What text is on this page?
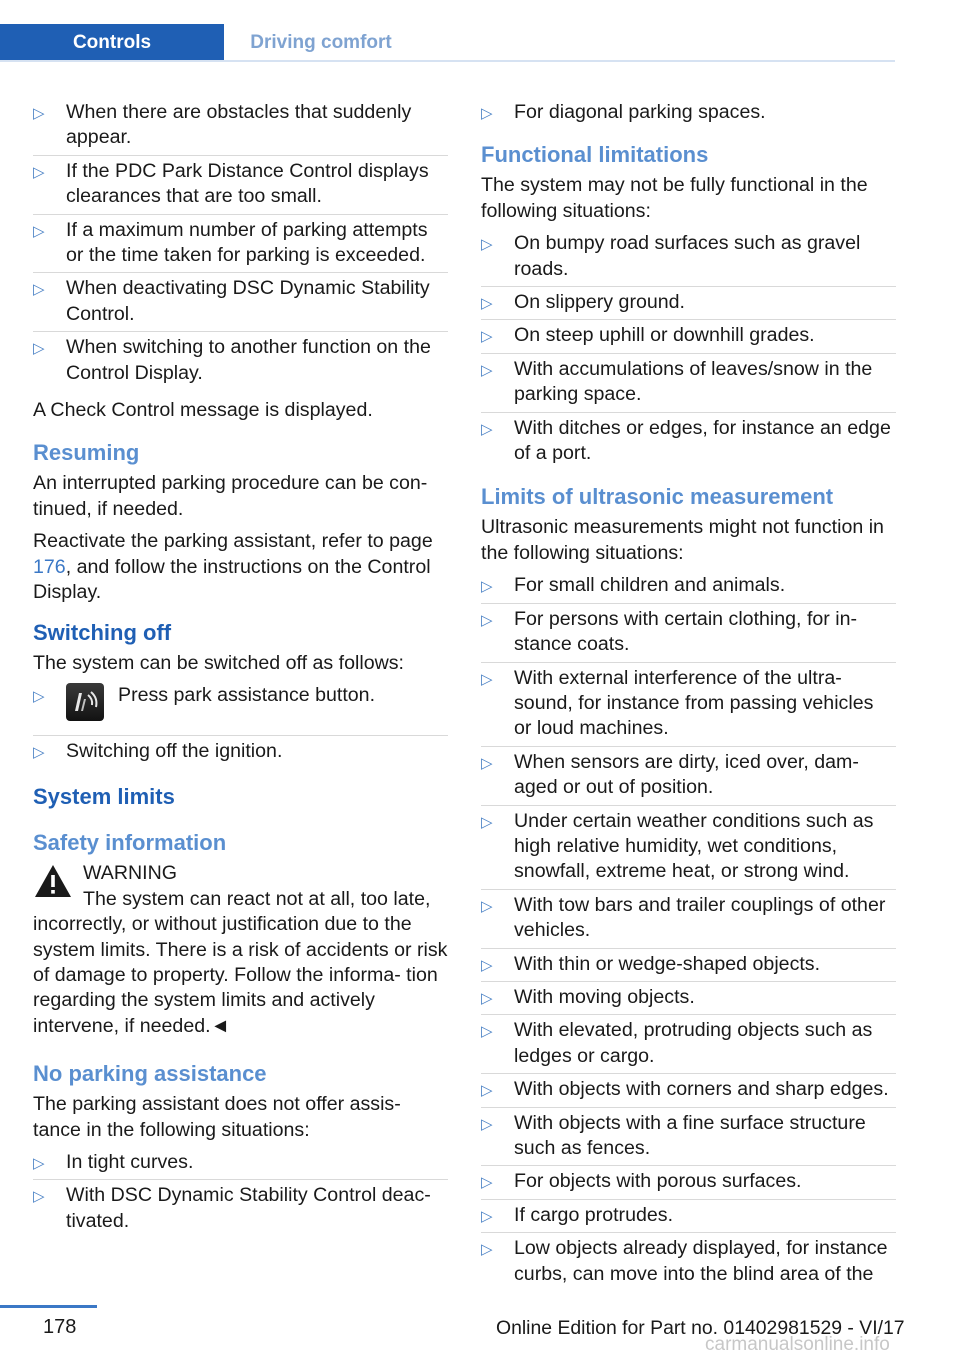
Controls	Driving comfort
▷ When there are obstacles that suddenly appear.
▷ If the PDC Park Distance Control displays clearances that are too small.
▷ If a maximum number of parking attempts or the time taken for parking is exceeded.
▷ When deactivating DSC Dynamic Stability Control.
▷ When switching to another function on the Control Display.

A Check Control message is displayed.

Resuming

An interrupted parking procedure can be con‐ tinued, if needed.

Reactivate the parking assistant, refer to page 176, and follow the instructions on the Control Display.

Switching off

The system can be switched off as follows:

▷	Press park assistance button.
▷ Switching off the ignition.
System limits
Safety information
WARNING
The system can react not at all, too late,
incorrectly, or without justification due to the system limits. There is a risk of accidents or risk of damage to property. Follow the informa‐ tion regarding the system limits and actively intervene, if needed.◄
No parking assistance

The parking assistant does not offer assis‐ tance in the following situations:

▷ In tight curves.
▷ With DSC Dynamic Stability Control deac‐ tivated.
▷ For diagonal parking spaces.
Functional limitations

The system may not be fully functional in the following situations:

▷ On bumpy road surfaces such as gravel roads.
▷ On slippery ground.
▷ On steep uphill or downhill grades.
▷ With accumulations of leaves/snow in the parking space.
▷ With ditches or edges, for instance an edge of a port.
Limits of ultrasonic measurement

Ultrasonic measurements might not function in the following situations:

▷ For small children and animals.
▷ For persons with certain clothing, for in‐ stance coats.
▷ With external interference of the ultra‐ sound, for instance from passing vehicles or loud machines.
▷ When sensors are dirty, iced over, dam‐ aged or out of position.
▷ Under certain weather conditions such as high relative humidity, wet conditions, snowfall, extreme heat, or strong wind.
▷ With tow bars and trailer couplings of other vehicles.
▷ With thin or wedge-shaped objects.
▷ With moving objects.
▷ With elevated, protruding objects such as ledges or cargo.
▷ With objects with corners and sharp edges.
▷ With objects with a fine surface structure such as fences.
▷ For objects with porous surfaces.
▷ If cargo protrudes.
▷ Low objects already displayed, for instance curbs, can move into the blind area of the
178	Online Edition for Part no. 01402981529 - VI/17
carmanualsonline.info
